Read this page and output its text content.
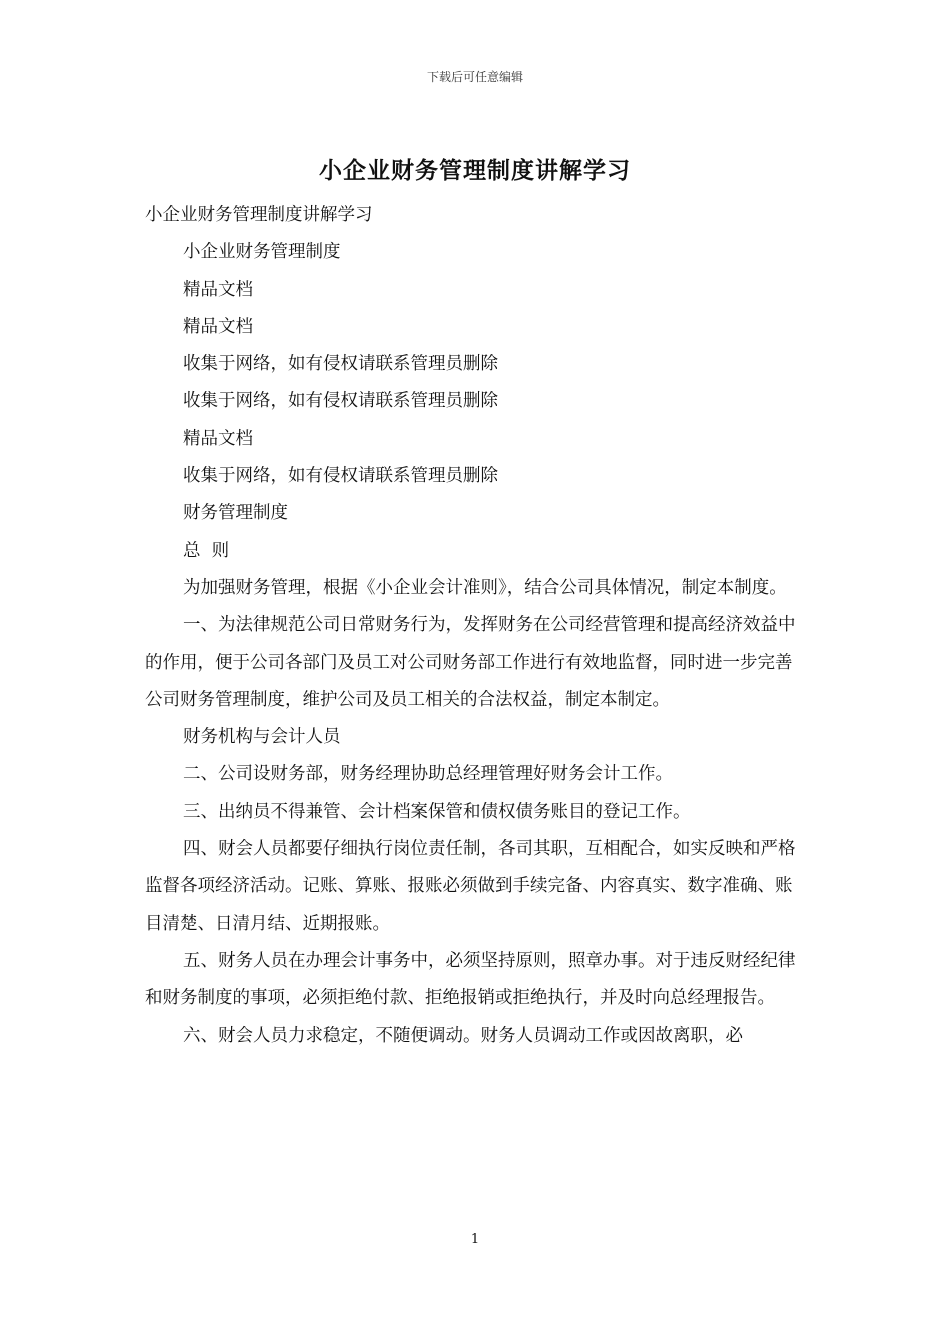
下载后可任意编辑
小企业财务管理制度讲解学习

小企业财务管理制度讲解学习

小企业财务管理制度

精品文档

精品文档

收集于网络，如有侵权请联系管理员删除

收集于网络，如有侵权请联系管理员删除

精品文档

收集于网络，如有侵权请联系管理员删除

财务管理制度

总  则

为加强财务管理，根据《小企业会计准则》，结合公司具体情况，制定本制度。

一、为法律规范公司日常财务行为，发挥财务在公司经营管理和提高经济效益中的作用，便于公司各部门及员工对公司财务部工作进行有效地监督，同时进一步完善公司财务管理制度，维护公司及员工相关的合法权益，制定本制定。

财务机构与会计人员

二、公司设财务部，财务经理协助总经理管理好财务会计工作。

三、出纳员不得兼管、会计档案保管和债权债务账目的登记工作。

四、财会人员都要仔细执行岗位责任制，各司其职，互相配合，如实反映和严格监督各项经济活动。记账、算账、报账必须做到手续完备、内容真实、数字准确、账目清楚、日清月结、近期报账。

五、财务人员在办理会计事务中，必须坚持原则，照章办事。对于违反财经纪律和财务制度的事项，必须拒绝付款、拒绝报销或拒绝执行，并及时向总经理报告。

六、财会人员力求稳定，不随便调动。财务人员调动工作或因故离职，必

1
